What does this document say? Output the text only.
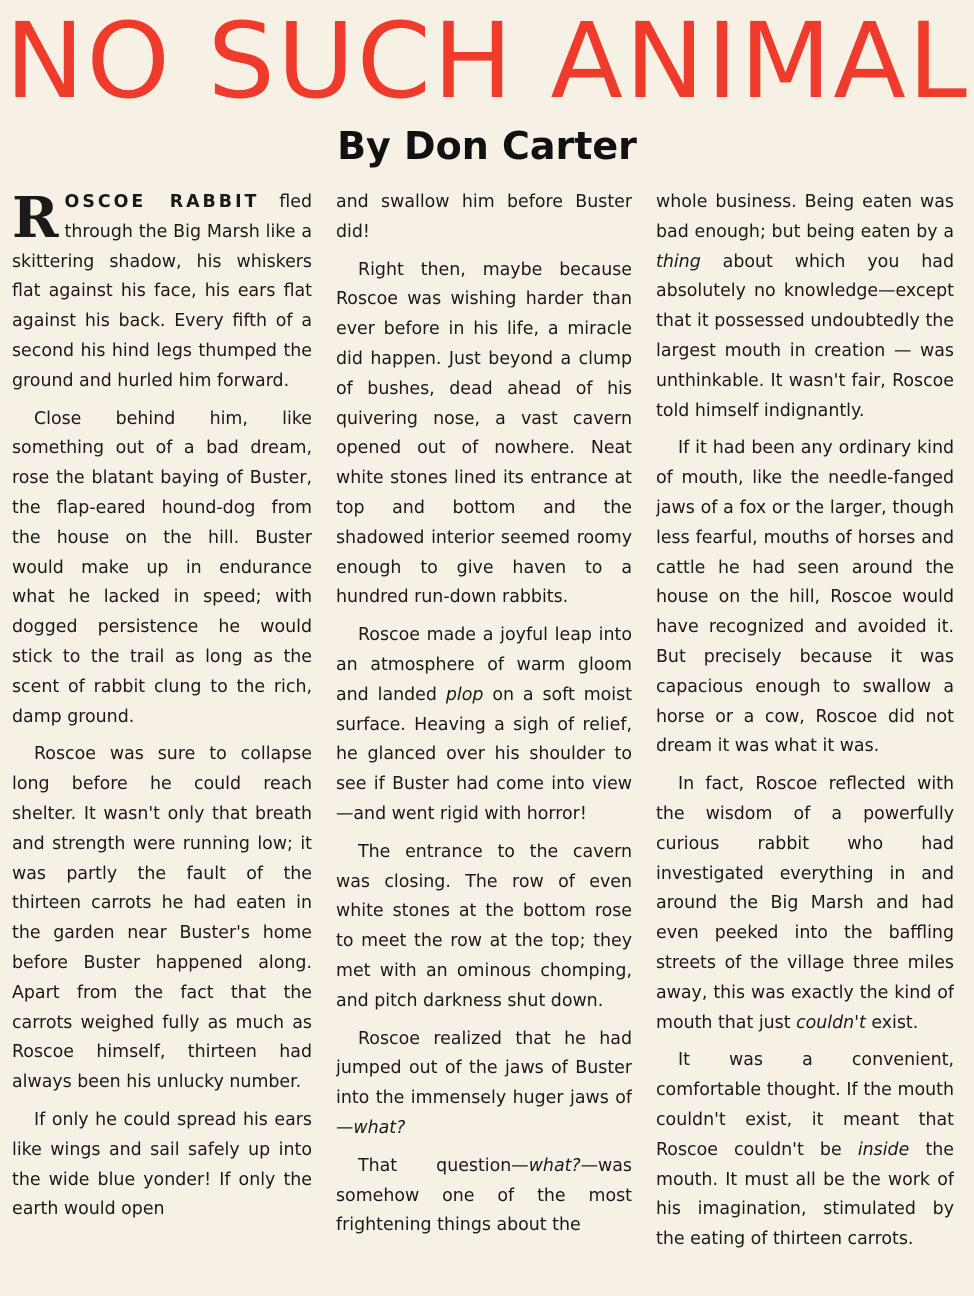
NO SUCH ANIMAL
By Don Carter

ROSCOE RABBIT fled through the Big Marsh like a skittering shadow, his whiskers flat against his face, his ears flat against his back. Every fifth of a second his hind legs thumped the ground and hurled him forward.

Close behind him, like something out of a bad dream, rose the blatant baying of Buster, the flap-eared hound-dog from the house on the hill. Buster would make up in endurance what he lacked in speed; with dogged persistence he would stick to the trail as long as the scent of rabbit clung to the rich, damp ground.

Roscoe was sure to collapse long before he could reach shelter. It wasn't only that breath and strength were running low; it was partly the fault of the thirteen carrots he had eaten in the garden near Buster's home before Buster happened along. Apart from the fact that the carrots weighed fully as much as Roscoe himself, thirteen had always been his unlucky number.

If only he could spread his ears like wings and sail safely up into the wide blue yonder! If only the earth would open

and swallow him before Buster did!

Right then, maybe because Roscoe was wishing harder than ever before in his life, a miracle did happen. Just beyond a clump of bushes, dead ahead of his quivering nose, a vast cavern opened out of nowhere. Neat white stones lined its entrance at top and bottom and the shadowed interior seemed roomy enough to give haven to a hundred run-down rabbits.

Roscoe made a joyful leap into an atmosphere of warm gloom and landed plop on a soft moist surface. Heaving a sigh of relief, he glanced over his shoulder to see if Buster had come into view—and went rigid with horror!

The entrance to the cavern was closing. The row of even white stones at the bottom rose to meet the row at the top; they met with an ominous chomping, and pitch darkness shut down.

Roscoe realized that he had jumped out of the jaws of Buster into the immensely huger jaws of—what?

That question—what?—was somehow one of the most frightening things about the

whole business. Being eaten was bad enough; but being eaten by a thing about which you had absolutely no knowledge—except that it possessed undoubtedly the largest mouth in creation — was unthinkable. It wasn't fair, Roscoe told himself indignantly.

If it had been any ordinary kind of mouth, like the needle-fanged jaws of a fox or the larger, though less fearful, mouths of horses and cattle he had seen around the house on the hill, Roscoe would have recognized and avoided it. But precisely because it was capacious enough to swallow a horse or a cow, Roscoe did not dream it was what it was.

In fact, Roscoe reflected with the wisdom of a powerfully curious rabbit who had investigated everything in and around the Big Marsh and had even peeked into the baffling streets of the village three miles away, this was exactly the kind of mouth that just couldn't exist.

It was a convenient, comfortable thought. If the mouth couldn't exist, it meant that Roscoe couldn't be inside the mouth. It must all be the work of his imagination, stimulated by the eating of thirteen carrots.
